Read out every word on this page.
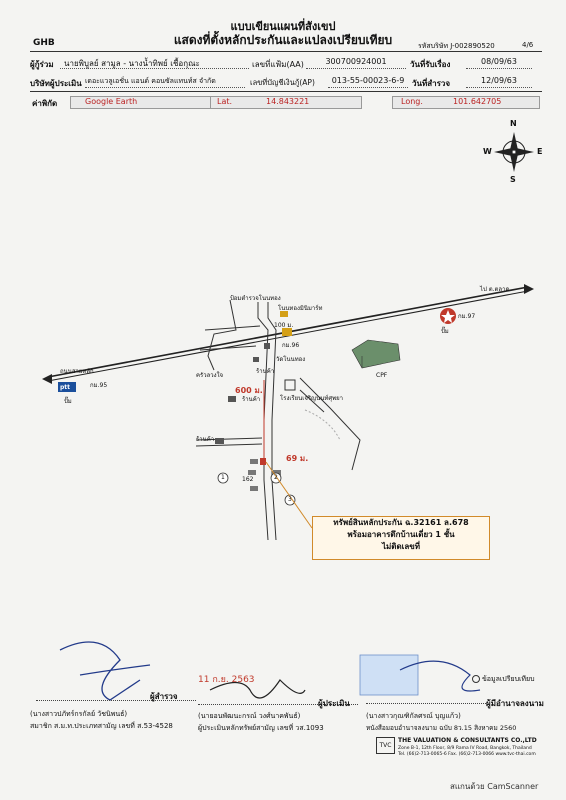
แบบเขียนแผนที่สังเขป
แสดงที่ตั้งหลักประกันและแปลงเปรียบเทียบ
GHB	รหัสบริษัท J-002890520	4/6
ผู้กู้ร่วม	นายพิบูลย์ สามูล - นางน้ำทิพย์ เชื้อกุณะ	เลขที่แฟ้ม(AA)	300700924001	วันที่รับเรื่อง	08/09/63
บริษัทผู้ประเมิน เดอะแวลูเอชั่น แอนด์ คอนซัลแทนท์ส จำกัด	เลขที่บัญชีเงินกู้(AP)	013-55-00023-6-9 วันที่สำรวจ	12/09/63
ค่าพิกัด	Google Earth	Lat.	14.843221	Long.	101.642705
N
S
E
W
ไป ต.ตลาด
ถนนสายหลัก
กม.95
กม.96
กม.97
ptt
ปั๊ม
ปั๊ม
ป้อมตำรวจโนนทอง
โนนทองมินิมาร์ท
100 ม.
วัดโนนทอง
โรงเรียนเจริญนนท์ศุพยา
ร้านค้า
ร้านค้า
ร้านค้า
ครัวลวงใจ	CPF
600 ม.
69 ม.
1	2
3
162
ทรัพย์สินหลักประกัน ฉ.32161 ล.678
พร้อมอาคารตึกบ้านเดี่ยว 1 ชั้น
ไม่ติดเลขที่
ข้อมูลเปรียบเทียบ
11 ก.ย. 2563
ผู้สำรวจ
(นางสาวปภัทร์กรกัลย์ วัชนิพนธ์)
สมาชิก ส.ม.ท.ประเภทสามัญ เลขที่ ส.53-4528
ผู้ประเมิน
(นายอนพัฒนะกรณ์ วงศ์นาคพันธ์)
ผู้ประเมินหลักทรัพย์สามัญ เลขที่ วส.1093
ผู้มีอำนาจลงนาม
(นางสาวกุณฑิกัลศรณ์ บุญแก้ว)
หนังสือมอบอำนาจลงนาม ฉบับ 8ว.15 สิงหาคม 2560
TVC
THE VALUATION & CONSULTANTS CO.,LTD
Zone B-1, 12th Floor, 8/9 Rama IV Road, Bangkok, Thailand
Tel. (66)2-713-0065-6 Fax. (66)2-713-0066 www.tvc-thai.com
สแกนด้วย CamScanner
